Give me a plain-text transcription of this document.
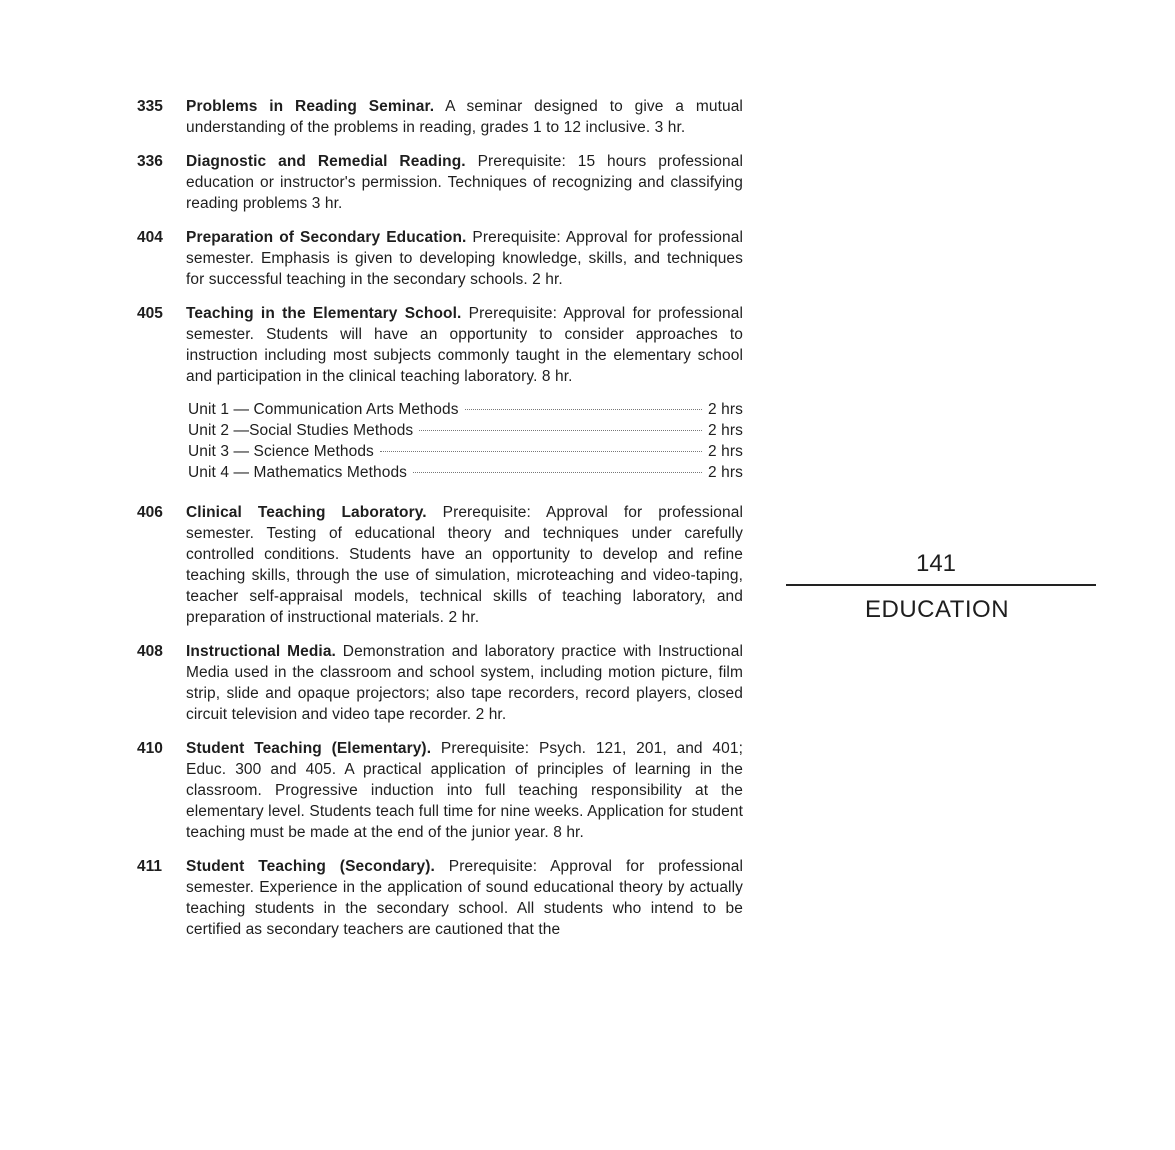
335	Problems in Reading Seminar. A seminar designed to give a mutual understanding of the problems in reading, grades 1 to 12 inclusive. 3 hr.
336	Diagnostic and Remedial Reading. Prerequisite: 15 hours professional education or instructor's permission. Techniques of recognizing and classifying reading problems 3 hr.
404	Preparation of Secondary Education. Prerequisite: Approval for professional semester. Emphasis is given to developing knowledge, skills, and techniques for successful teaching in the secondary schools. 2 hr.
405	Teaching in the Elementary School. Prerequisite: Approval for professional semester. Students will have an opportunity to consider approaches to instruction including most subjects commonly taught in the elementary school and participation in the clinical teaching laboratory. 8 hr.
Unit 1 — Communication Arts Methods	2 hrs
Unit 2 —Social Studies Methods	2 hrs
Unit 3 — Science Methods	2 hrs
Unit 4 — Mathematics Methods	2 hrs
406	Clinical Teaching Laboratory. Prerequisite: Approval for professional semester. Testing of educational theory and techniques under carefully controlled conditions. Students have an opportunity to develop and refine teaching skills, through the use of simulation, microteaching and video-taping, teacher self-appraisal models, technical skills of teaching laboratory, and preparation of instructional materials. 2 hr.
408	Instructional Media. Demonstration and laboratory practice with Instructional Media used in the classroom and school system, including motion picture, film strip, slide and opaque projectors; also tape recorders, record players, closed circuit television and video tape recorder. 2 hr.
410	Student Teaching (Elementary). Prerequisite: Psych. 121, 201, and 401; Educ. 300 and 405. A practical application of principles of learning in the classroom. Progressive induction into full teaching responsibility at the elementary level. Students teach full time for nine weeks. Application for student teaching must be made at the end of the junior year. 8 hr.
411	Student Teaching (Secondary). Prerequisite: Approval for professional semester. Experience in the application of sound educational theory by actually teaching students in the secondary school. All students who intend to be certified as secondary teachers are cautioned that the
141
EDUCATION
